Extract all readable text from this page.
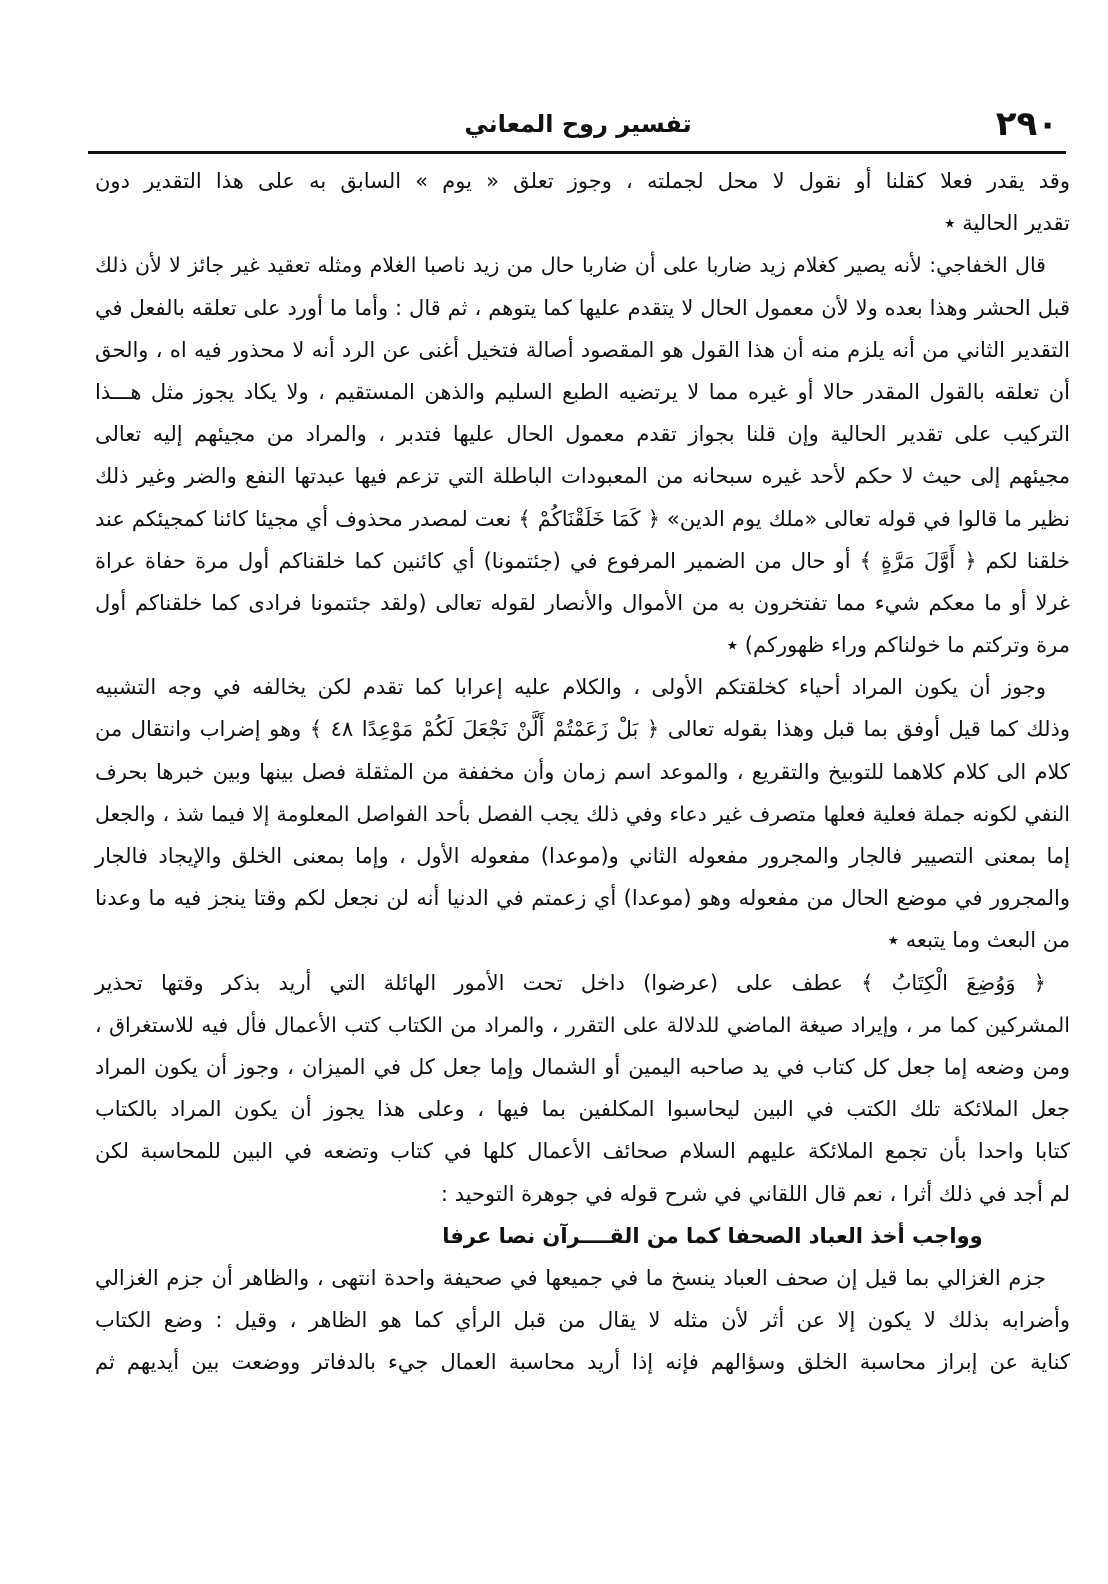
٢٩٠
تفسير روح المعاني
وقد يقدر فعلا كقلنا أو نقول لا محل لجملته ، وجوز تعلق « يوم » السابق به على هذا التقدير دون
تقدير الحالية ٭
قال الخفاجي: لأنه يصير كغلام زيد ضاربا على أن ضاربا حال من زيد ناصبا الغلام ومثله تعقيد غير جائز لا لأن ذلك
قبل الحشر وهذا بعده ولا لأن معمول الحال لا يتقدم عليها كما يتوهم ، ثم قال : وأما ما أورد على تعلقه بالفعل في
التقدير الثاني من أنه يلزم منه أن هذا القول هو المقصود أصالة فتخيل أغنى عن الرد أنه لا محذور فيه اه ، والحق
أن تعلقه بالقول المقدر حالا أو غيره مما لا يرتضيه الطبع السليم والذهن المستقيم ، ولا يكاد يجوز مثل هـــذا
التركيب على تقدير الحالية وإن قلنا بجواز تقدم معمول الحال عليها فتدبر ، والمراد من مجيئهم إليه تعالى
مجيئهم إلى حيث لا حكم لأحد غيره سبحانه من المعبودات الباطلة التي تزعم فيها عبدتها النفع والضر وغير ذلك
نظير ما قالوا في قوله تعالى «ملك يوم الدين» ﴿ كَمَا خَلَقْنَاكُمْ ﴾ نعت لمصدر محذوف أي مجيئا كائنا كمجيئكم عند
خلقنا لكم ﴿ أَوَّلَ مَرَّةٍ ﴾ أو حال من الضمير المرفوع في (جئتمونا) أي كائنين كما خلقناكم أول مرة حفاة عراة
غرلا أو ما معكم شيء مما تفتخرون به من الأموال والأنصار لقوله تعالى (ولقد جئتمونا فرادى كما خلقناكم أول
مرة وتركتم ما خولناكم وراء ظهوركم) ٭
وجوز أن يكون المراد أحياء كخلقتكم الأولى ، والكلام عليه إعرابا كما تقدم لكن يخالفه في وجه التشبيه
وذلك كما قيل أوفق بما قبل وهذا بقوله تعالى ﴿ بَلْ زَعَمْتُمْ أَلَّنْ نَجْعَلَ لَكُمْ مَوْعِدًا ٤٨ ﴾ وهو إضراب وانتقال من
كلام الى كلام كلاهما للتوبيخ والتقريع ، والموعد اسم زمان وأن مخففة من المثقلة فصل بينها وبين خبرها بحرف
النفي لكونه جملة فعلية فعلها متصرف غير دعاء وفي ذلك يجب الفصل بأحد الفواصل المعلومة إلا فيما شذ ، والجعل
إما بمعنى التصيير فالجار والمجرور مفعوله الثاني و(موعدا) مفعوله الأول ، وإما بمعنى الخلق والإيجاد فالجار
والمجرور في موضع الحال من مفعوله وهو (موعدا) أي زعمتم في الدنيا أنه لن نجعل لكم وقتا ينجز فيه ما وعدنا
من البعث وما يتبعه ٭
﴿ وَوُضِعَ الْكِتَابُ ﴾ عطف على (عرضوا) داخل تحت الأمور الهائلة التي أريد بذكر وقتها تحذير
المشركين كما مر ، وإيراد صيغة الماضي للدلالة على التقرر ، والمراد من الكتاب كتب الأعمال فأل فيه للاستغراق ،
ومن وضعه إما جعل كل كتاب في يد صاحبه اليمين أو الشمال وإما جعل كل في الميزان ، وجوز أن يكون المراد
جعل الملائكة تلك الكتب في البين ليحاسبوا المكلفين بما فيها ، وعلى هذا يجوز أن يكون المراد بالكتاب
كتابا واحدا بأن تجمع الملائكة عليهم السلام صحائف الأعمال كلها في كتاب وتضعه في البين للمحاسبة لكن
لم أجد في ذلك أثرا ، نعم قال اللقاني في شرح قوله في جوهرة التوحيد :
وواجب أخذ العباد الصحفا كما من القــــرآن نصا عرفا
جزم الغزالي بما قيل إن صحف العباد ينسخ ما في جميعها في صحيفة واحدة انتهى ، والظاهر أن جزم الغزالي
وأضرابه بذلك لا يكون إلا عن أثر لأن مثله لا يقال من قبل الرأي كما هو الظاهر ، وقيل : وضع الكتاب
كناية عن إبراز محاسبة الخلق وسؤالهم فإنه إذا أريد محاسبة العمال جيء بالدفاتر ووضعت بين أيديهم ثم
